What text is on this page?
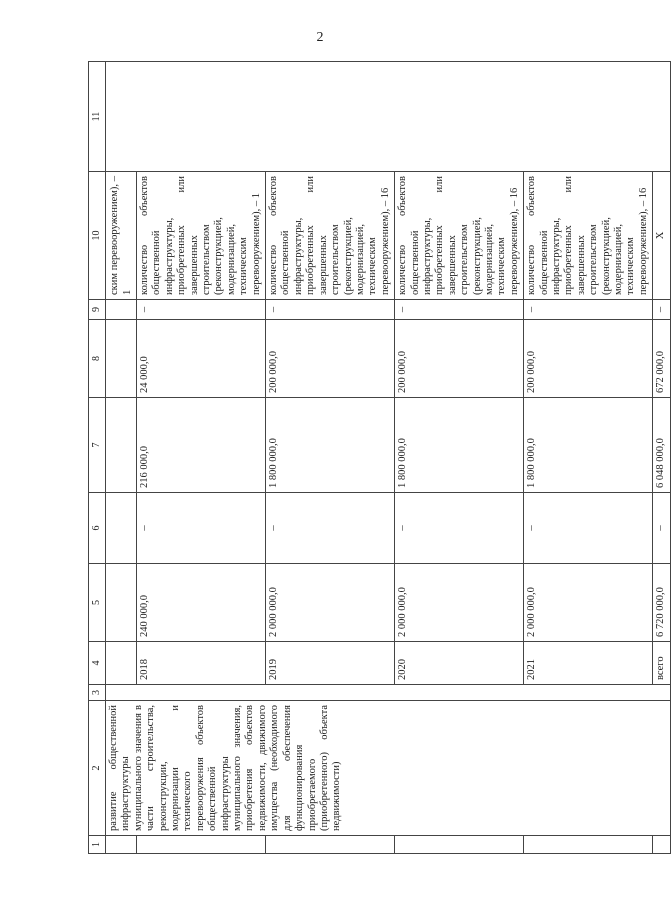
2
1	2	3	4	5	6	7	8	9	10	11
	развитие общественной инфраструктуры муниципального значения в части строительства, реконструкции, модернизации и технического перевооружения объектов общественной инфраструктуры муниципального значения, приобретения объектов недвижимости, движимого имущества (необходимого для обеспечения функционирования приобретаемого (приобретенного) объекта недвижимости)								ским перевооружением), – 1	
			2018	240 000,0	–	216 000,0	24 000,0	–	количество объектов общественной инфраструктуры, приобретенных или завершенных строительством (реконструкцией, модернизацией, техническим перевооружением), – 1	
			2019	2 000 000,0	–	1 800 000,0	200 000,0	–	количество объектов общественной инфраструктуры, приобретенных или завершенных строительством (реконструкцией, модернизацией, техническим перевооружением), – 16	
			2020	2 000 000,0	–	1 800 000,0	200 000,0	–	количество объектов общественной инфраструктуры, приобретенных или завершенных строительством (реконструкцией, модернизацией, техническим перевооружением), – 16	
			2021	2 000 000,0	–	1 800 000,0	200 000,0	–	количество объектов общественной инфраструктуры, приобретенных или завершенных строительством (реконструкцией, модернизацией, техническим перевооружением), – 16	
			всего	6 720 000,0	–	6 048 000,0	672 000,0	–	Х	
